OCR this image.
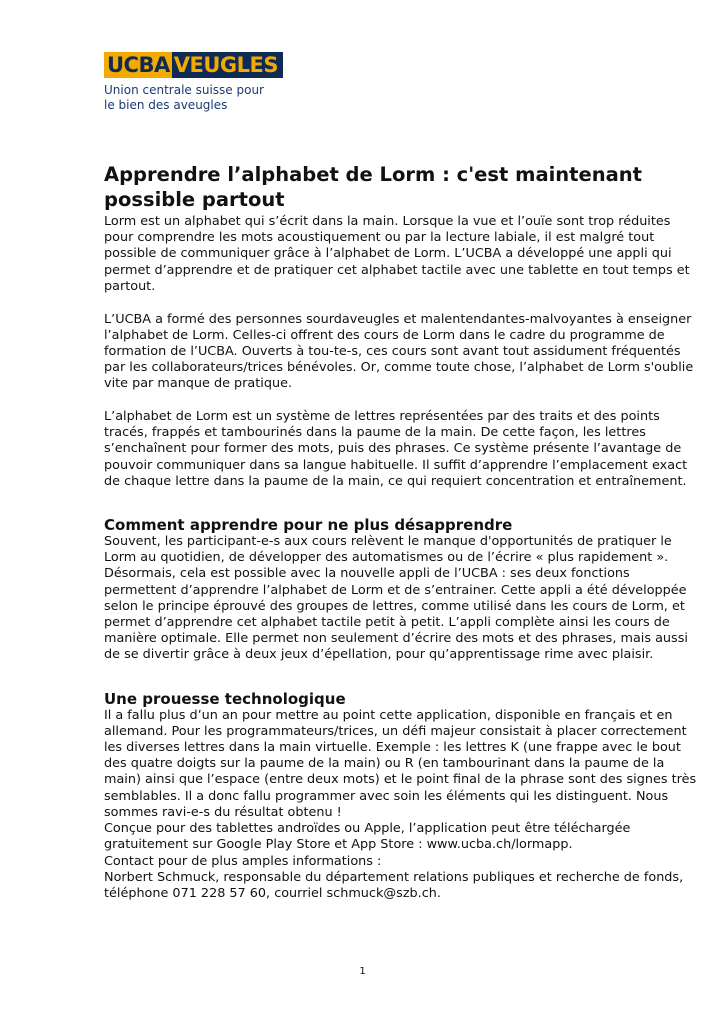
UCBA VEUGLES
Union centrale suisse pour
le bien des aveugles
Apprendre l’alphabet de Lorm : c'est maintenant
possible partout
Lorm est un alphabet qui s’écrit dans la main. Lorsque la vue et l’ouïe sont trop réduites
pour comprendre les mots acoustiquement ou par la lecture labiale, il est malgré tout
possible de communiquer grâce à l’alphabet de Lorm. L’UCBA a développé une appli qui
permet d’apprendre et de pratiquer cet alphabet tactile avec une tablette en tout temps et
partout.
L’UCBA a formé des personnes sourdaveugles et malentendantes-malvoyantes à enseigner
l’alphabet de Lorm. Celles-ci offrent des cours de Lorm dans le cadre du programme de
formation de l’UCBA. Ouverts à tou-te-s, ces cours sont avant tout assidument fréquentés
par les collaborateurs/trices bénévoles. Or, comme toute chose, l’alphabet de Lorm s'oublie
vite par manque de pratique.
L’alphabet de Lorm est un système de lettres représentées par des traits et des points
tracés, frappés et tambourinés dans la paume de la main. De cette façon, les lettres
s’enchaînent pour former des mots, puis des phrases. Ce système présente l’avantage de
pouvoir communiquer dans sa langue habituelle. Il suffit d’apprendre l’emplacement exact
de chaque lettre dans la paume de la main, ce qui requiert concentration et entraînement.
Comment apprendre pour ne plus désapprendre
Souvent, les participant-e-s aux cours relèvent le manque d'opportunités de pratiquer le
Lorm au quotidien, de développer des automatismes ou de l’écrire « plus rapidement ».
Désormais, cela est possible avec la nouvelle appli de l’UCBA : ses deux fonctions
permettent d’apprendre l’alphabet de Lorm et de s’entrainer. Cette appli a été développée
selon le principe éprouvé des groupes de lettres, comme utilisé dans les cours de Lorm, et
permet d’apprendre cet alphabet tactile petit à petit. L’appli complète ainsi les cours de
manière optimale. Elle permet non seulement d’écrire des mots et des phrases, mais aussi
de se divertir grâce à deux jeux d’épellation, pour qu’apprentissage rime avec plaisir.
Une prouesse technologique
Il a fallu plus d’un an pour mettre au point cette application, disponible en français et en
allemand. Pour les programmateurs/trices, un défi majeur consistait à placer correctement
les diverses lettres dans la main virtuelle. Exemple : les lettres K (une frappe avec le bout
des quatre doigts sur la paume de la main) ou R (en tambourinant dans la paume de la
main) ainsi que l’espace (entre deux mots) et le point final de la phrase sont des signes très
semblables. Il a donc fallu programmer avec soin les éléments qui les distinguent. Nous
sommes ravi-e-s du résultat obtenu !
Conçue pour des tablettes androïdes ou Apple, l’application peut être téléchargée
gratuitement sur Google Play Store et App Store : www.ucba.ch/lormapp.
Contact pour de plus amples informations :
Norbert Schmuck, responsable du département relations publiques et recherche de fonds,
téléphone 071 228 57 60, courriel schmuck@szb.ch.
1
